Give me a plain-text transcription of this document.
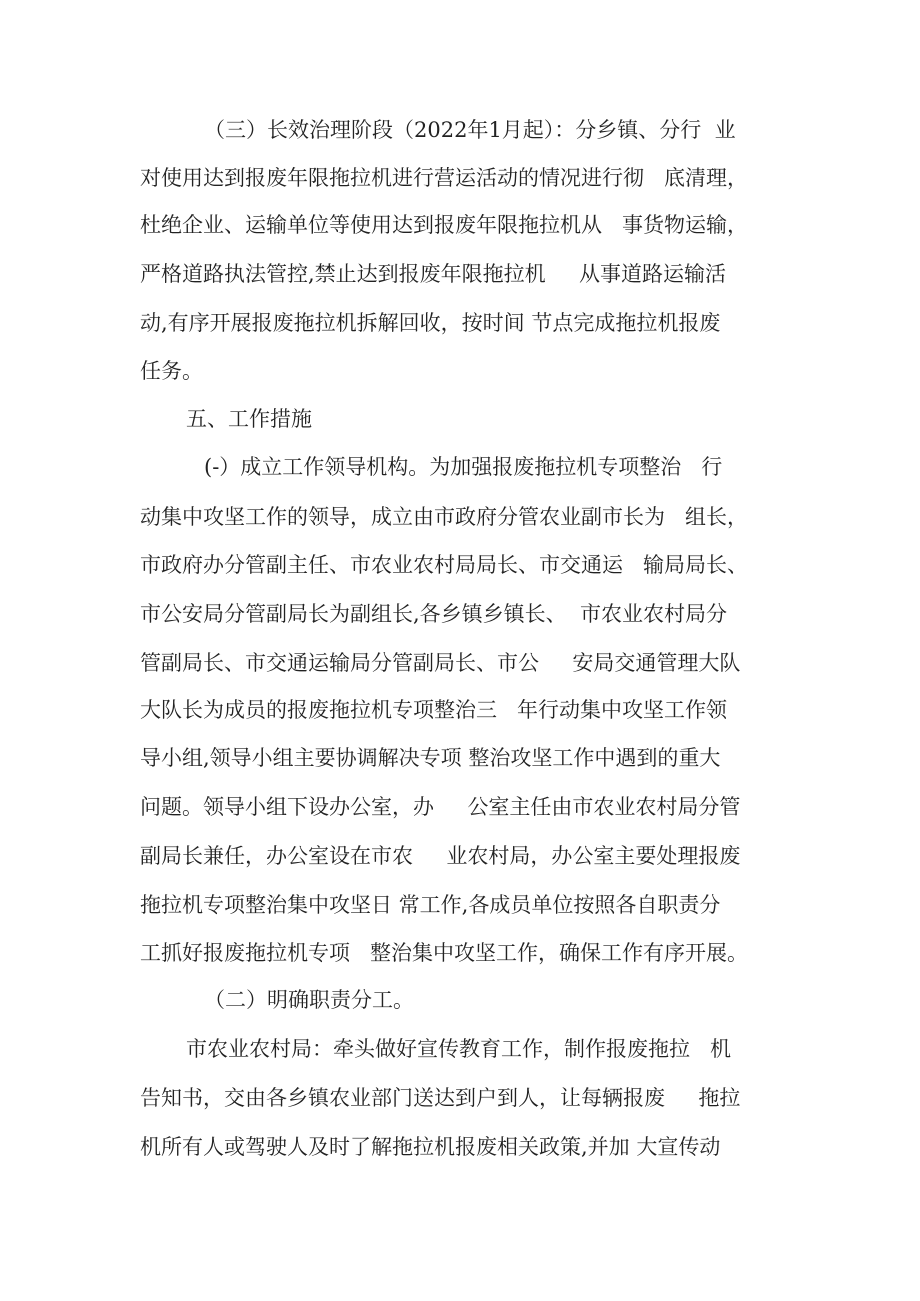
（三）长效治理阶段（2022年1月起）：分乡镇、分行  业
对使用达到报废年限拖拉机进行营运活动的情况进行彻   底清理，
杜绝企业、运输单位等使用达到报废年限拖拉机从   事货物运输，
严格道路执法管控,禁止达到报废年限拖拉机     从事道路运输活
动,有序开展报废拖拉机拆解回收，按时间 节点完成拖拉机报废
任务。
五、工作措施
(-）成立工作领导机构。为加强报废拖拉机专项整治   行
动集中攻坚工作的领导，成立由市政府分管农业副市长为   组长，
市政府办分管副主任、市农业农村局局长、市交通运   输局局长、
市公安局分管副局长为副组长,各乡镇乡镇长、  市农业农村局分
管副局长、市交通运输局分管副局长、市公     安局交通管理大队
大队长为成员的报废拖拉机专项整治三   年行动集中攻坚工作领
导小组,领导小组主要协调解决专项 整治攻坚工作中遇到的重大
问题。领导小组下设办公室，办     公室主任由市农业农村局分管
副局长兼任，办公室设在市农     业农村局，办公室主要处理报废
拖拉机专项整治集中攻坚日 常工作,各成员单位按照各自职责分
工抓好报废拖拉机专项   整治集中攻坚工作，确保工作有序开展。
（二）明确职责分工。
市农业农村局：牵头做好宣传教育工作，制作报废拖拉   机
告知书，交由各乡镇农业部门送达到户到人，让每辆报废     拖拉
机所有人或驾驶人及时了解拖拉机报废相关政策,并加 大宣传动
